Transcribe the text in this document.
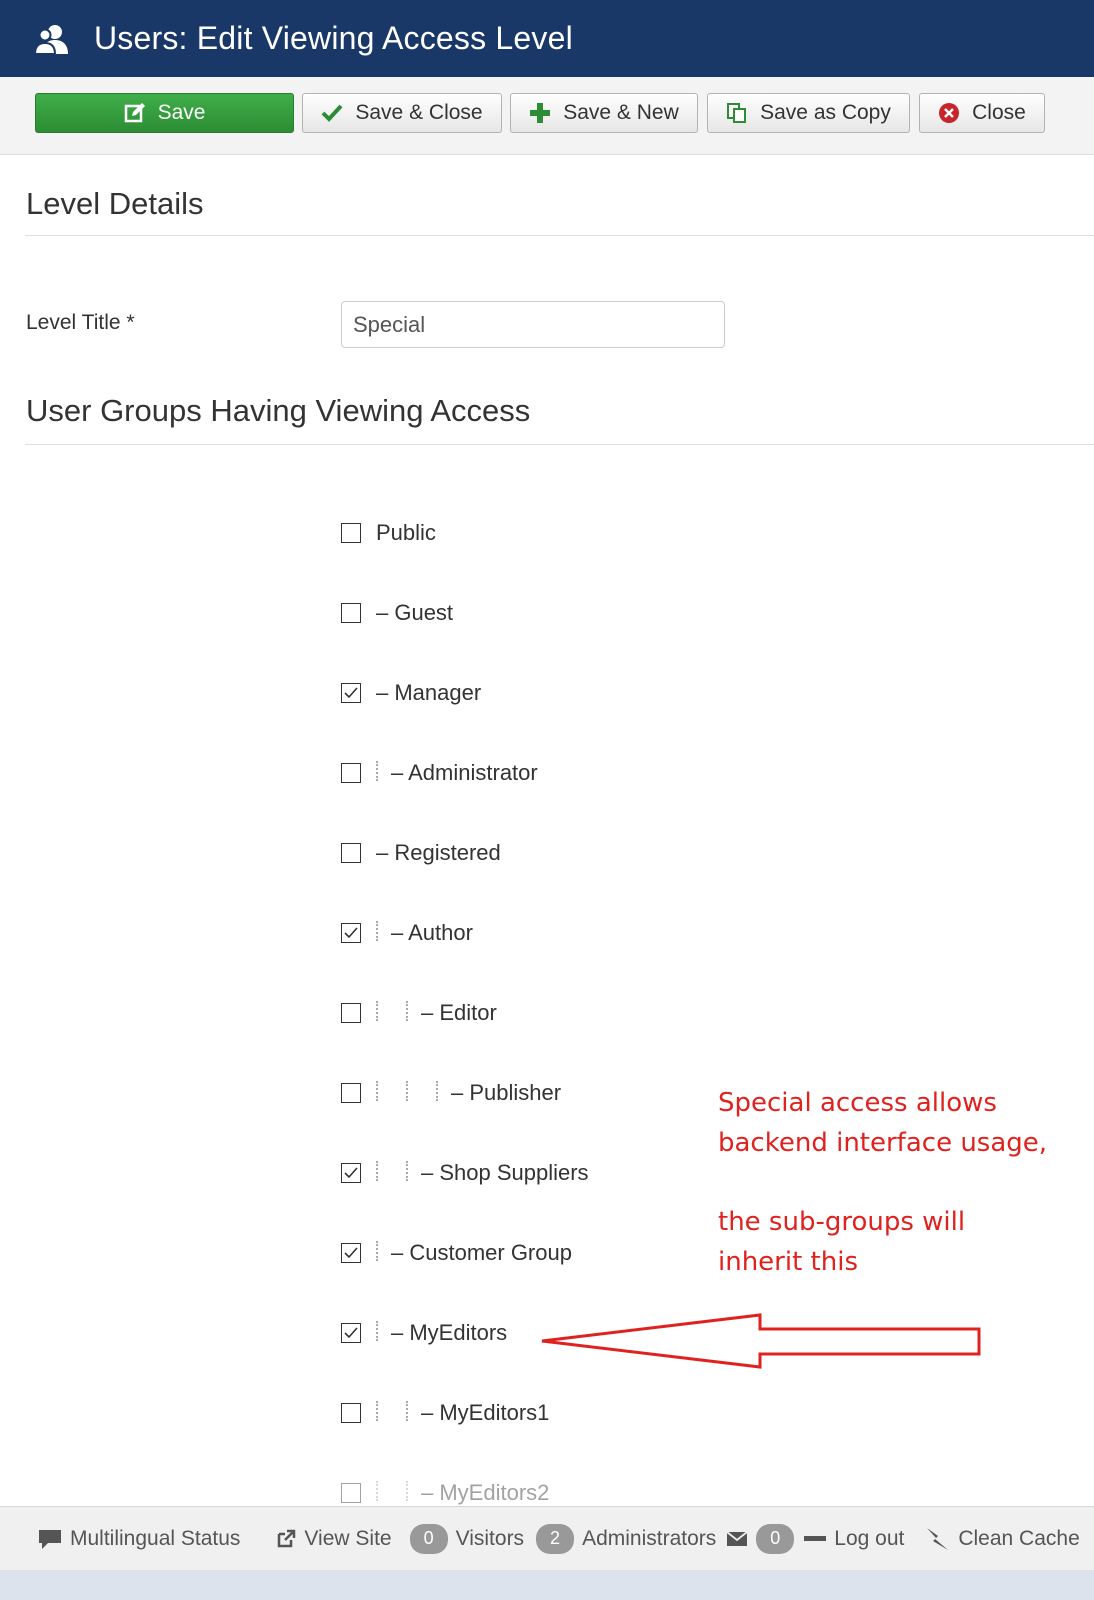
Users: Edit Viewing Access Level
Save	Save & Close	Save & New	Save as Copy	Close
Level Details
Level Title *
Special
User Groups Having Viewing Access
Public
– Guest
– Manager
– Administrator
– Registered
– Author
– Editor
– Publisher
– Shop Suppliers
– Customer Group
– MyEditors
– MyEditors1
– MyEditors2
Special access allows
backend interface usage,
the sub-groups will
inherit this
Multilingual Status	View Site	0	Visitors	2	Administrators	0	Log out	Clean Cache
